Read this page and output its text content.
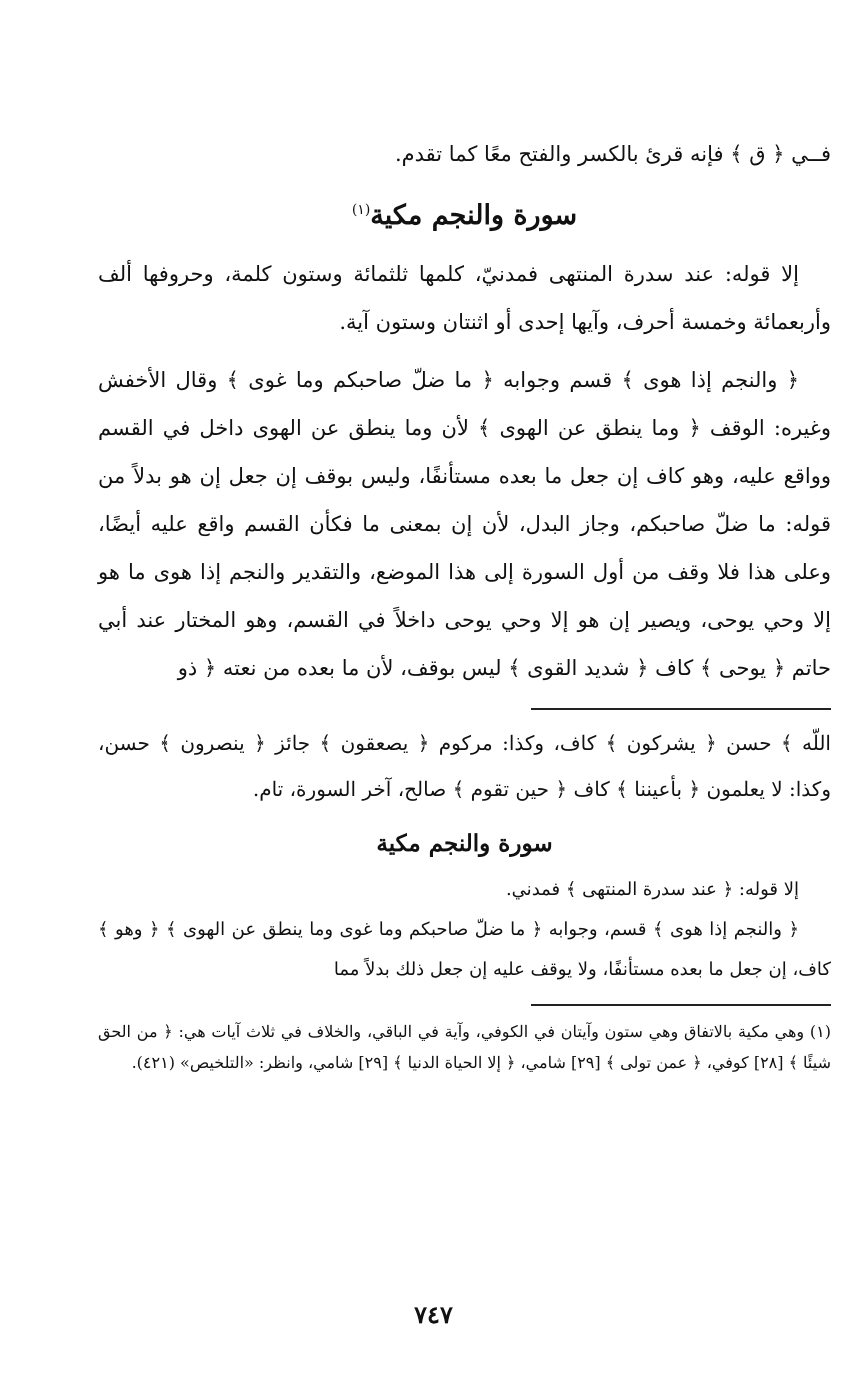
فــي ﴿ ق ﴾ فإنه قرئ بالكسر والفتح معًا كما تقدم.

سورة والنجم مكية$^{(١)}$

إلا قوله: عند سدرة المنتهى فمدنيّ، كلمها ثلثمائة وستون كلمة، وحروفها ألف وأربعمائة وخمسة أحرف، وآيها إحدى أو اثنتان وستون آية.

﴿ والنجم إذا هوى ﴾ قسم وجوابه ﴿ ما ضلّ صاحبكم وما غوى ﴾ وقال الأخفش وغيره: الوقف ﴿ وما ينطق عن الهوى ﴾ لأن وما ينطق عن الهوى داخل في القسم وواقع عليه، وهو كاف إن جعل ما بعده مستأنفًا، وليس بوقف إن جعل إن هو بدلاً من قوله: ما ضلّ صاحبكم، وجاز البدل، لأن إن بمعنى ما فكأن القسم واقع عليه أيضًا، وعلى هذا فلا وقف من أول السورة إلى هذا الموضع، والتقدير والنجم إذا هوى ما هو إلا وحي يوحى، ويصير إن هو إلا وحي يوحى داخلاً في القسم، وهو المختار عند أبي حاتم ﴿ يوحى ﴾ كاف ﴿ شديد القوى ﴾ ليس بوقف، لأن ما بعده من نعته ﴿ ذو

اللّه ﴾ حسن ﴿ يشركون ﴾ كاف، وكذا: مركوم ﴿ يصعقون ﴾ جائز ﴿ ينصرون ﴾ حسن، وكذا: لا يعلمون ﴿ بأعيننا ﴾ كاف ﴿ حين تقوم ﴾ صالح، آخر السورة، تام.

سورة والنجم مكية

إلا قوله: ﴿ عند سدرة المنتهى ﴾ فمدني.

﴿ والنجم إذا هوى ﴾ قسم، وجوابه ﴿ ما ضلّ صاحبكم وما غوى وما ينطق عن الهوى ﴾ ﴿ وهو ﴾ كاف، إن جعل ما بعده مستأنفًا، ولا يوقف عليه إن جعل ذلك بدلاً مما

(١) وهي مكية بالاتفاق وهي ستون وآيتان في الكوفي، وآية في الباقي، والخلاف في ثلاث آيات هي: ﴿ من الحق شيئًا ﴾ [٢٨] كوفي، ﴿ عمن تولى ﴾ [٢٩] شامي، ﴿ إلا الحياة الدنيا ﴾ [٢٩] شامي، وانظر: «التلخيص» (٤٢١).

٧٤٧
